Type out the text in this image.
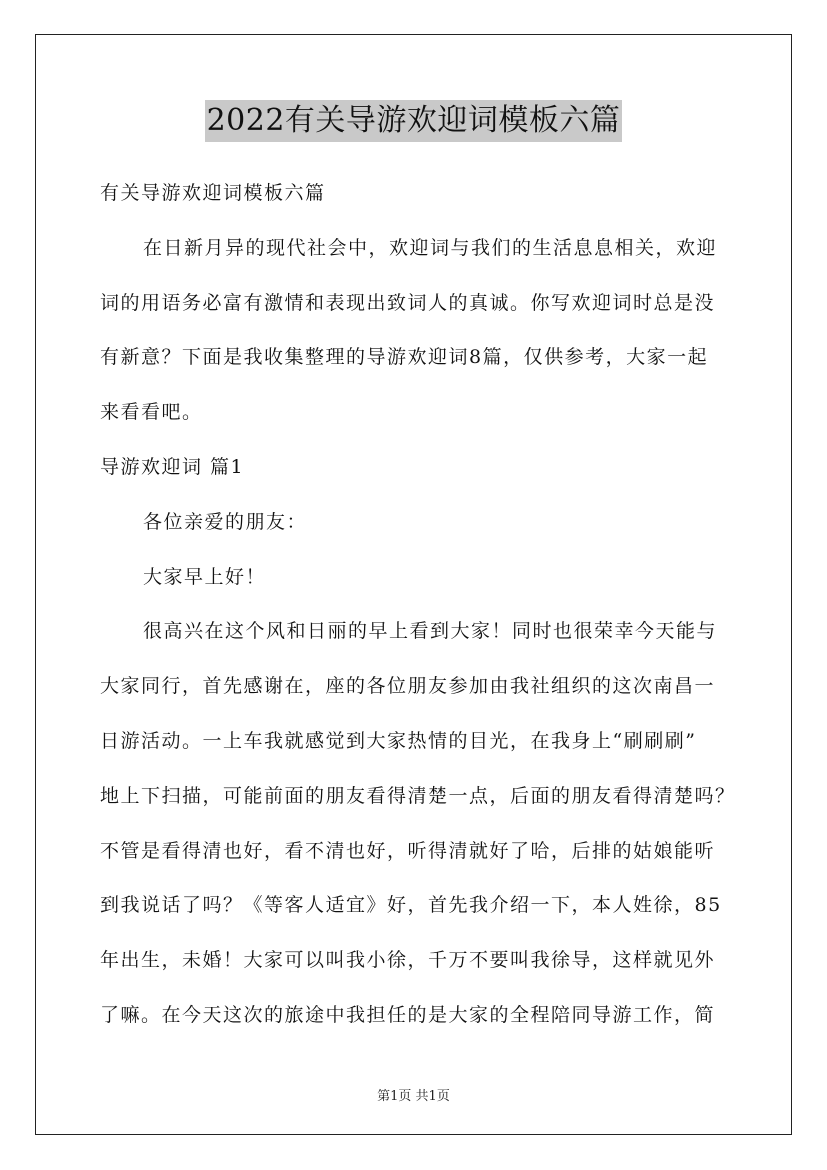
2022有关导游欢迎词模板六篇
有关导游欢迎词模板六篇
在日新月异的现代社会中，欢迎词与我们的生活息息相关，欢迎
词的用语务必富有激情和表现出致词人的真诚。你写欢迎词时总是没
有新意？下面是我收集整理的导游欢迎词8篇，仅供参考，大家一起
来看看吧。
导游欢迎词 篇1
各位亲爱的朋友：
大家早上好！
很高兴在这个风和日丽的早上看到大家！同时也很荣幸今天能与
大家同行，首先感谢在，座的各位朋友参加由我社组织的这次南昌一
日游活动。一上车我就感觉到大家热情的目光，在我身上“刷刷刷”
地上下扫描，可能前面的朋友看得清楚一点，后面的朋友看得清楚吗？
不管是看得清也好，看不清也好，听得清就好了哈，后排的姑娘能听
到我说话了吗？《等客人适宜》好，首先我介绍一下，本人姓徐，85
年出生，未婚！大家可以叫我小徐，千万不要叫我徐导，这样就见外
了嘛。在今天这次的旅途中我担任的是大家的全程陪同导游工作，简
第1页 共1页
